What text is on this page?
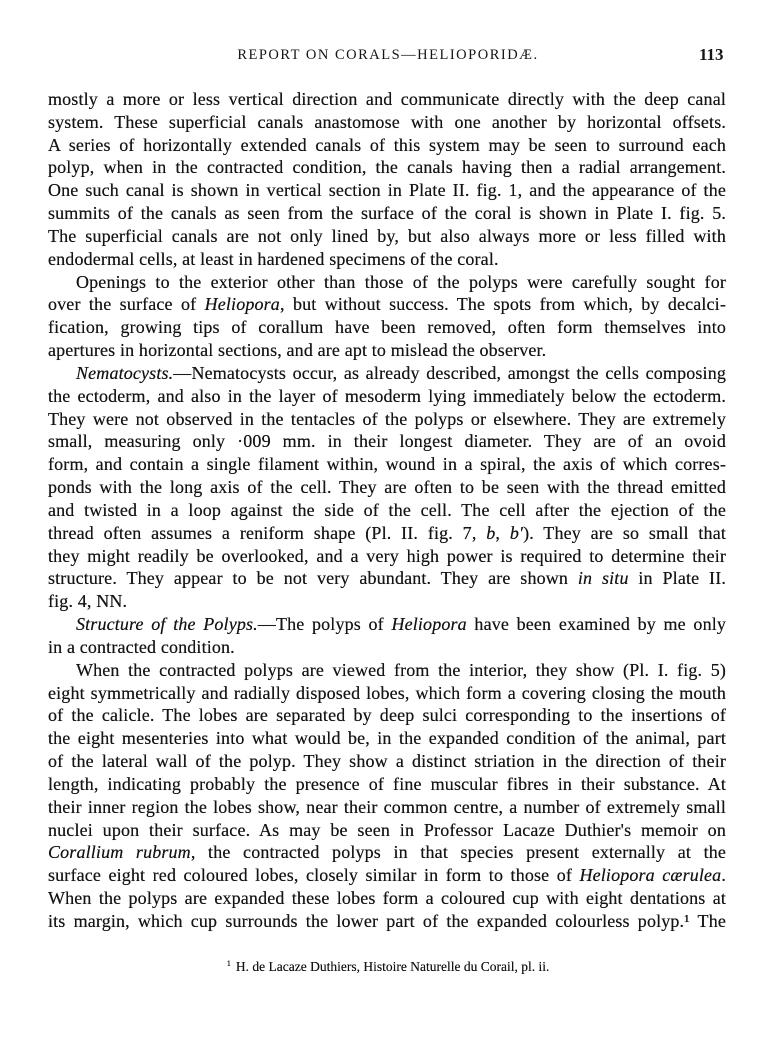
REPORT ON CORALS—HELIOPORIDÆ.	113
mostly a more or less vertical direction and communicate directly with the deep canal
system. These superficial canals anastomose with one another by horizontal offsets.
A series of horizontally extended canals of this system may be seen to surround each
polyp, when in the contracted condition, the canals having then a radial arrangement.
One such canal is shown in vertical section in Plate II. fig. 1, and the appearance of the
summits of the canals as seen from the surface of the coral is shown in Plate I. fig. 5.
The superficial canals are not only lined by, but also always more or less filled with
endodermal cells, at least in hardened specimens of the coral.
Openings to the exterior other than those of the polyps were carefully sought for
over the surface of Heliopora, but without success. The spots from which, by decalci-
fication, growing tips of corallum have been removed, often form themselves into
apertures in horizontal sections, and are apt to mislead the observer.
Nematocysts.—Nematocysts occur, as already described, amongst the cells composing
the ectoderm, and also in the layer of mesoderm lying immediately below the ectoderm.
They were not observed in the tentacles of the polyps or elsewhere. They are extremely
small, measuring only ·009 mm. in their longest diameter. They are of an ovoid
form, and contain a single filament within, wound in a spiral, the axis of which corres-
ponds with the long axis of the cell. They are often to be seen with the thread emitted
and twisted in a loop against the side of the cell. The cell after the ejection of the
thread often assumes a reniform shape (Pl. II. fig. 7, b, b′). They are so small that
they might readily be overlooked, and a very high power is required to determine their
structure. They appear to be not very abundant. They are shown in situ in Plate II.
fig. 4, NN.
Structure of the Polyps.—The polyps of Heliopora have been examined by me only
in a contracted condition.
When the contracted polyps are viewed from the interior, they show (Pl. I. fig. 5)
eight symmetrically and radially disposed lobes, which form a covering closing the mouth
of the calicle. The lobes are separated by deep sulci corresponding to the insertions of
the eight mesenteries into what would be, in the expanded condition of the animal, part
of the lateral wall of the polyp. They show a distinct striation in the direction of their
length, indicating probably the presence of fine muscular fibres in their substance. At
their inner region the lobes show, near their common centre, a number of extremely small
nuclei upon their surface. As may be seen in Professor Lacaze Duthier's memoir on
Corallium rubrum, the contracted polyps in that species present externally at the
surface eight red coloured lobes, closely similar in form to those of Heliopora cærulea.
When the polyps are expanded these lobes form a coloured cup with eight dentations at
its margin, which cup surrounds the lower part of the expanded colourless polyp.¹ The
$^1$ H. de Lacaze Duthiers, Histoire Naturelle du Corail, pl. ii.
